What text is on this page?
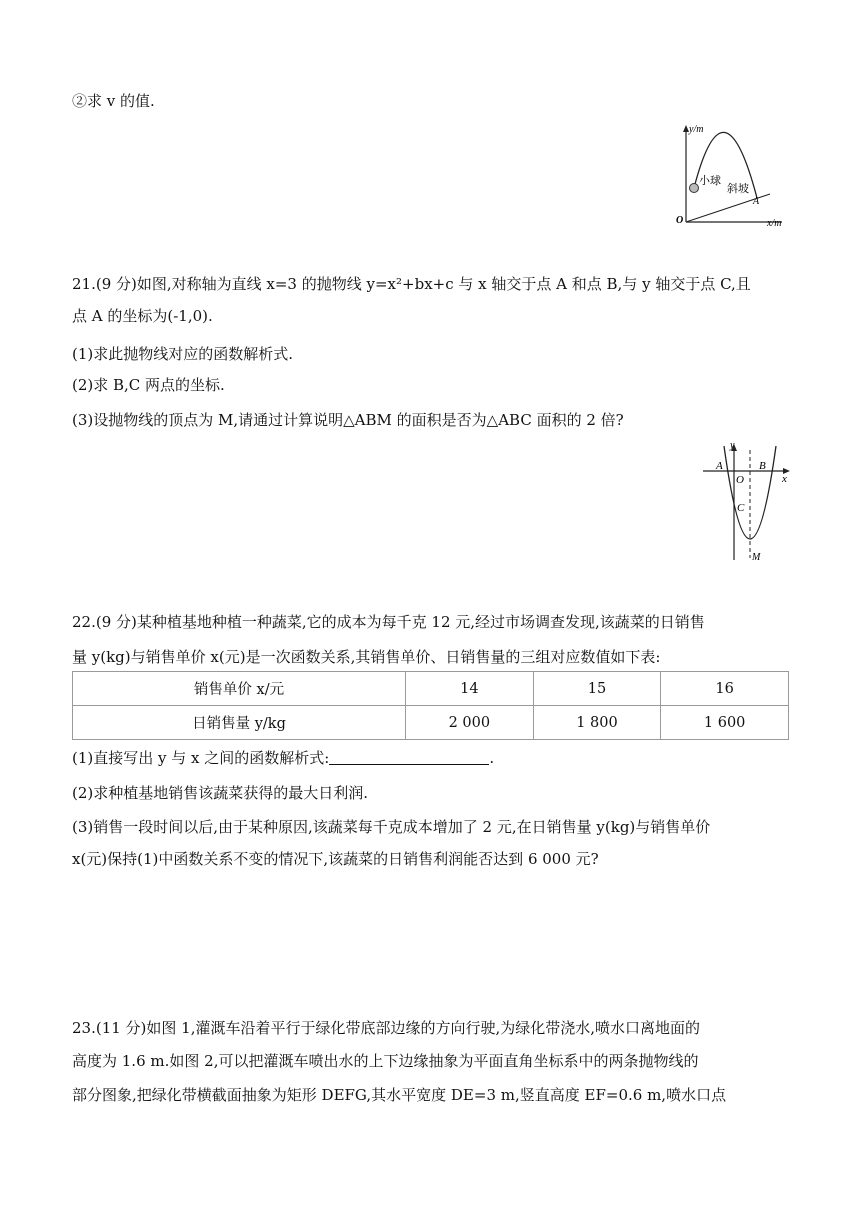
②求 v 的值.
y/m
x/m
O
小球
斜坡
A
21.(9 分)如图,对称轴为直线 x=3 的抛物线 y=x²+bx+c 与 x 轴交于点 A 和点 B,与 y 轴交于点 C,且
点 A 的坐标为(-1,0).
(1)求此抛物线对应的函数解析式.
(2)求 B,C 两点的坐标.
(3)设抛物线的顶点为 M,请通过计算说明△ABM 的面积是否为△ABC 面积的 2 倍?
y
x
A
O
B
C
M
22.(9 分)某种植基地种植一种蔬菜,它的成本为每千克 12 元,经过市场调查发现,该蔬菜的日销售
量 y(kg)与销售单价 x(元)是一次函数关系,其销售单价、日销售量的三组对应数值如下表:
销售单价 x/元	14	15	16
日销售量 y/kg	2 000	1 800	1 600
(1)直接写出 y 与 x 之间的函数解析式:	.
(2)求种植基地销售该蔬菜获得的最大日利润.
(3)销售一段时间以后,由于某种原因,该蔬菜每千克成本增加了 2 元,在日销售量 y(kg)与销售单价
x(元)保持(1)中函数关系不变的情况下,该蔬菜的日销售利润能否达到 6 000 元?
23.(11 分)如图 1,灌溉车沿着平行于绿化带底部边缘的方向行驶,为绿化带浇水,喷水口离地面的
高度为 1.6 m.如图 2,可以把灌溉车喷出水的上下边缘抽象为平面直角坐标系中的两条抛物线的
部分图象,把绿化带横截面抽象为矩形 DEFG,其水平宽度 DE=3 m,竖直高度 EF=0.6 m,喷水口点
